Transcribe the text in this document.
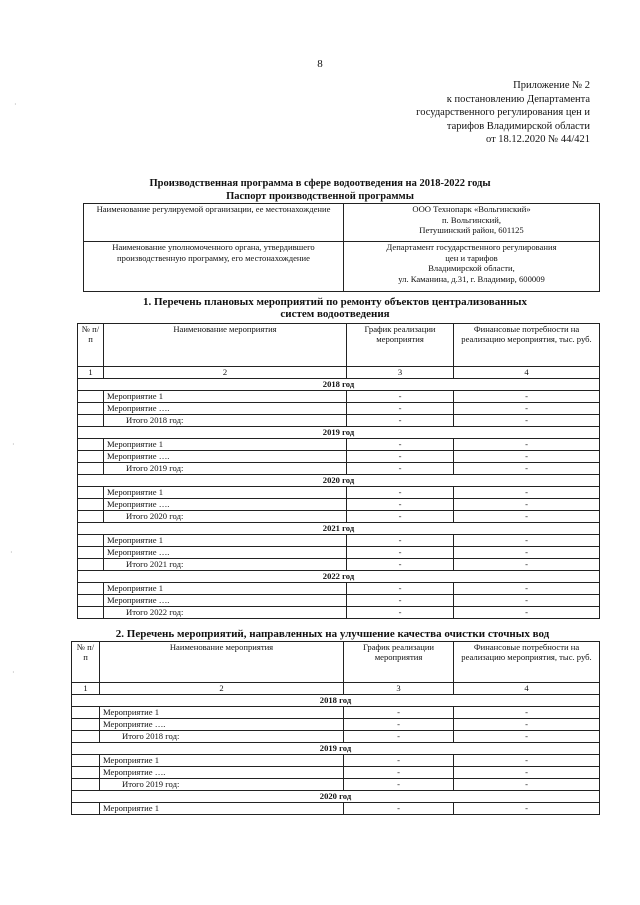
8
Приложение № 2
к постановлению Департамента
государственного регулирования цен и
тарифов Владимирской области
от 18.12.2020 № 44/421
Производственная программа в сфере водоотведения на 2018-2022 годы
Паспорт производственной программы
Наименование регулируемой организации, ее местонахождение	ООО Технопарк «Вольгинский»
п. Вольгинский,
Петушинский район, 601125

Наименование уполномоченного органа, утвердившего производственную программу, его местонахождение	Департамент государственного регулирования
цен и тарифов
Владимирской области,
ул. Каманина, д.31, г. Владимир, 600009
1. Перечень плановых мероприятий по ремонту объектов централизованных
систем водоотведения
№ п/п	Наименование мероприятия	График реализации мероприятия	Финансовые потребности на реализацию мероприятия, тыс. руб.
1	2	3	4
2018 год			
	Мероприятие 1	-	-
	Мероприятие ….	-	-
	Итого 2018 год:	-	-
2019 год			
	Мероприятие 1	-	-
	Мероприятие ….	-	-
	Итого 2019 год:	-	-
2020 год			
	Мероприятие 1	-	-
	Мероприятие ….	-	-
	Итого 2020 год:	-	-
2021 год			
	Мероприятие 1	-	-
	Мероприятие ….	-	-
	Итого 2021 год:	-	-
2022 год			
	Мероприятие 1	-	-
	Мероприятие ….	-	-
	Итого 2022 год:	-	-
2. Перечень мероприятий, направленных на улучшение качества очистки сточных вод
№ п/п	Наименование мероприятия	График реализации мероприятия	Финансовые потребности на реализацию мероприятия, тыс. руб.
1	2	3	4
2018 год			
	Мероприятие 1	-	-
	Мероприятие ….	-	-
	Итого 2018 год:	-	-
2019 год			
	Мероприятие 1	-	-
	Мероприятие ….	-	-
	Итого 2019 год:	-	-
2020 год			
	Мероприятие 1	-	-
·
·
·
·
